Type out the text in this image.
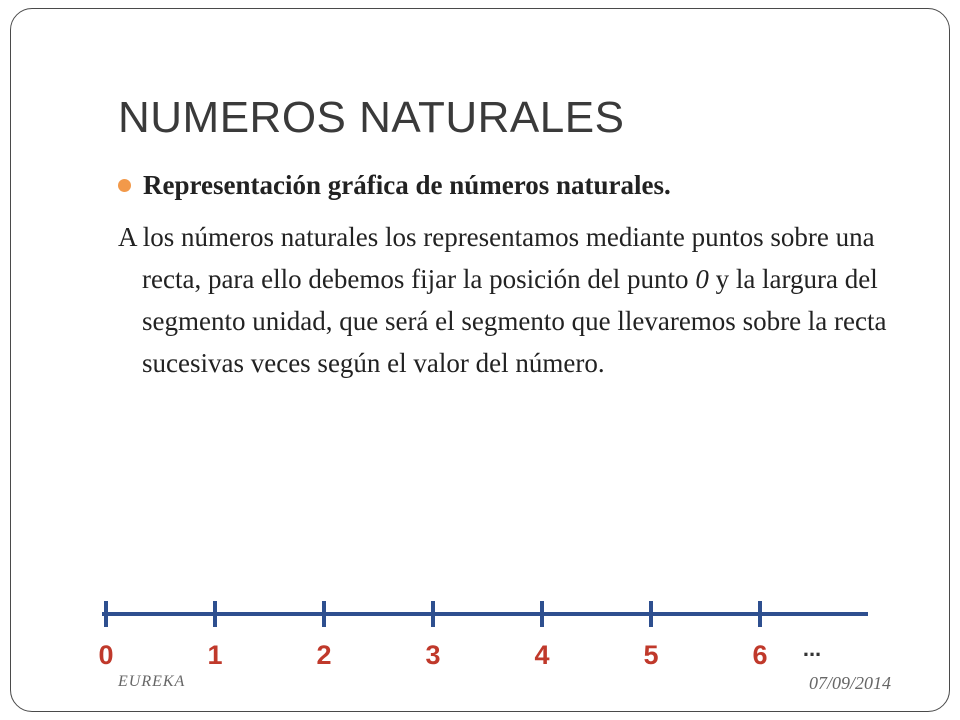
NUMEROS NATURALES
Representación gráfica de números naturales.

A los números naturales los representamos mediante puntos sobre una recta, para ello debemos fijar la posición del punto 0 y la largura del segmento unidad, que será el segmento que llevaremos sobre la recta sucesivas veces según el valor del número.

EUREKA	07/09/2014
0	1	2	3	4	5	6 ...
